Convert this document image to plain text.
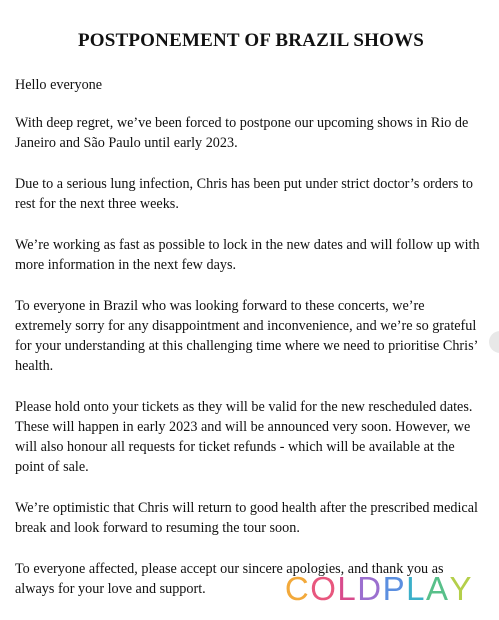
POSTPONEMENT OF BRAZIL SHOWS

Hello everyone

With deep regret, we’ve been forced to postpone our upcoming shows in Rio de Janeiro and São Paulo until early 2023.

Due to a serious lung infection, Chris has been put under strict doctor’s orders to rest for the next three weeks.

We’re working as fast as possible to lock in the new dates and will follow up with more information in the next few days.

To everyone in Brazil who was looking forward to these concerts, we’re extremely sorry for any disappointment and inconvenience, and we’re so grateful for your understanding at this challenging time where we need to prioritise Chris’ health.

Please hold onto your tickets as they will be valid for the new rescheduled dates. These will happen in early 2023 and will be announced very soon. However, we will also honour all requests for ticket refunds - which will be available at the point of sale.

We’re optimistic that Chris will return to good health after the prescribed medical break and look forward to resuming the tour soon.

To everyone affected, please accept our sincere apologies, and thank you as always for your love and support.	COLDPLAY
